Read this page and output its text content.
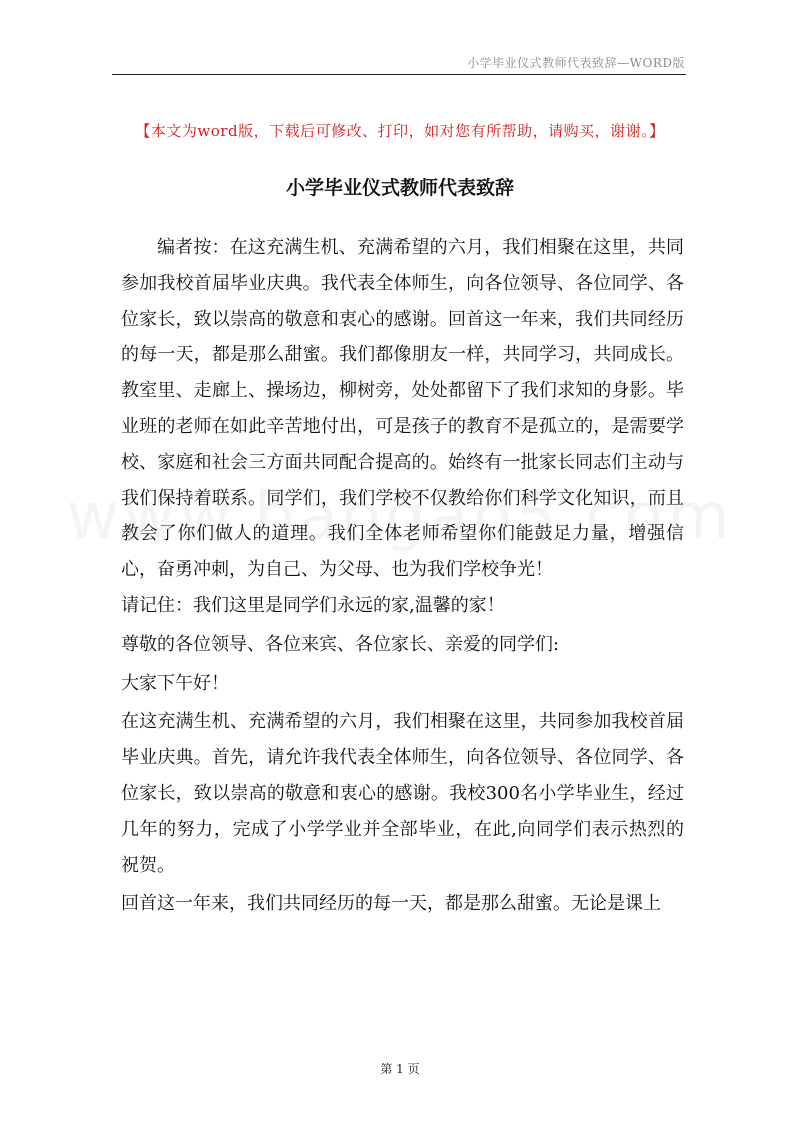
小学毕业仪式教师代表致辞—WORD版
【本文为word版，下载后可修改、打印，如对您有所帮助，请购买，谢谢。】
小学毕业仪式教师代表致辞

编者按：在这充满生机、充满希望的六月，我们相聚在这里，共同参加我校首届毕业庆典。我代表全体师生，向各位领导、各位同学、各位家长，致以崇高的敬意和衷心的感谢。回首这一年来，我们共同经历的每一天，都是那么甜蜜。我们都像朋友一样，共同学习，共同成长。教室里、走廊上、操场边，柳树旁，处处都留下了我们求知的身影。毕业班的老师在如此辛苦地付出，可是孩子的教育不是孤立的，是需要学校、家庭和社会三方面共同配合提高的。始终有一批家长同志们主动与我们保持着联系。同学们，我们学校不仅教给你们科学文化知识，而且教会了你们做人的道理。我们全体老师希望你们能鼓足力量，增强信心，奋勇冲刺，为自己、为父母、也为我们学校争光！

请记住：我们这里是同学们永远的家,温馨的家！

尊敬的各位领导、各位来宾、各位家长、亲爱的同学们:

大家下午好！

在这充满生机、充满希望的六月，我们相聚在这里，共同参加我校首届毕业庆典。首先，请允许我代表全体师生，向各位领导、各位同学、各位家长，致以崇高的敬意和衷心的感谢。我校300名小学毕业生，经过几年的努力，完成了小学学业并全部毕业，在此,向同学们表示热烈的祝贺。

回首这一年来，我们共同经历的每一天，都是那么甜蜜。无论是课上

第 1 页
